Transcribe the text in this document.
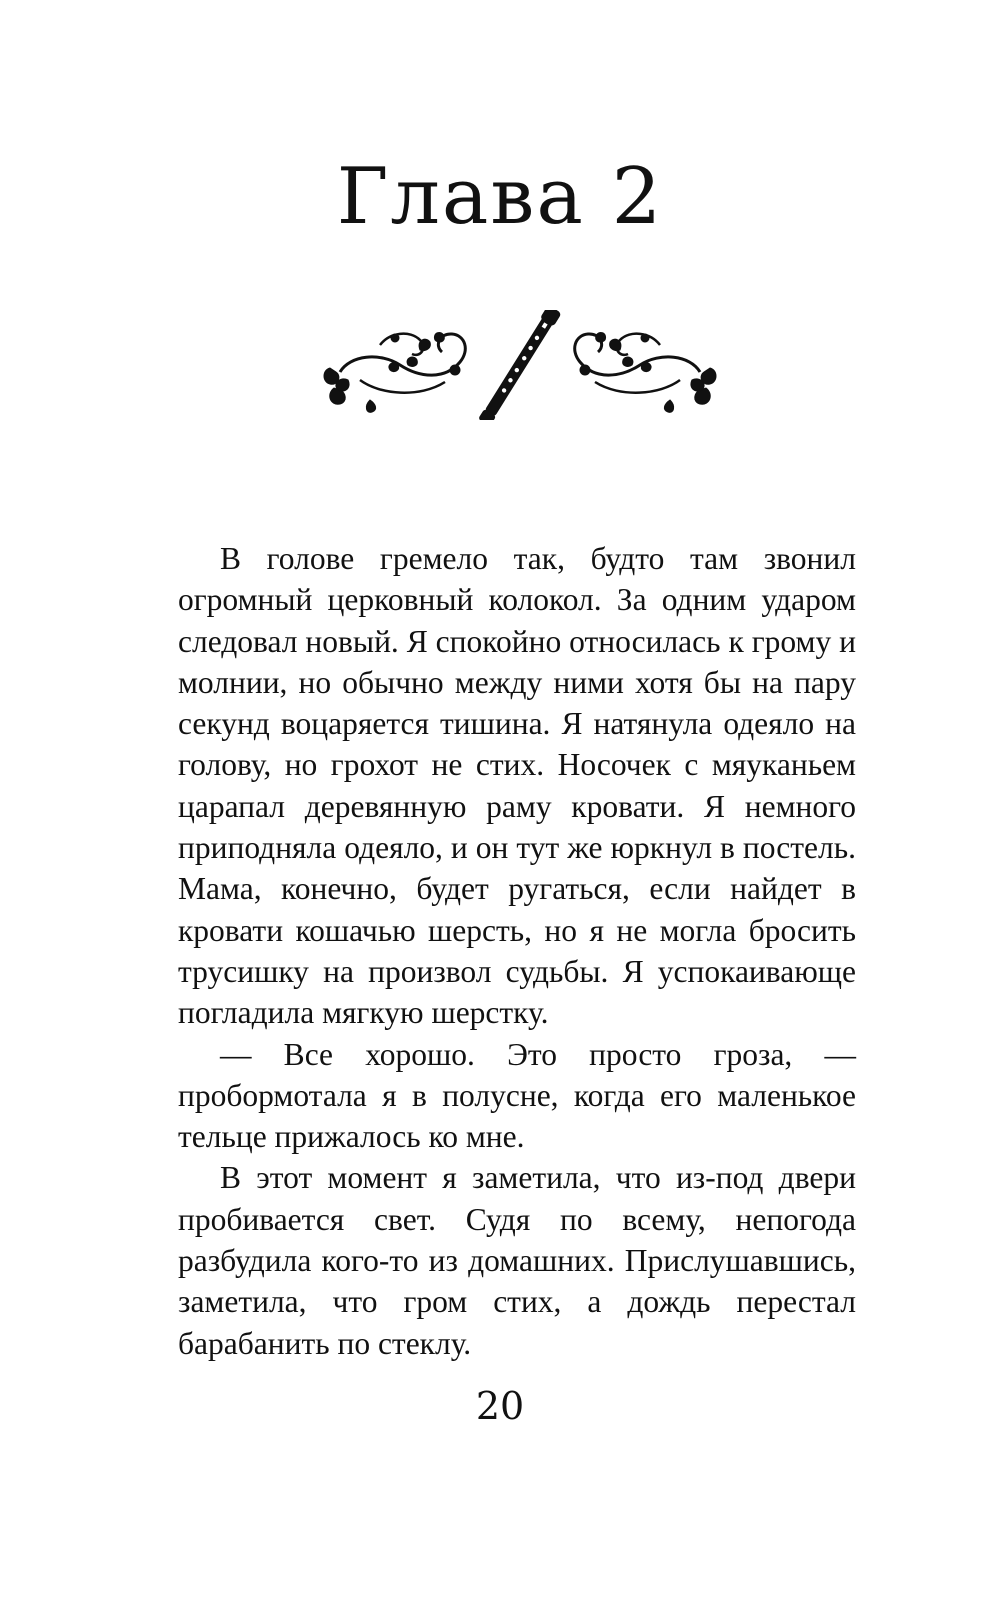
Глава 2

В голове гремело так, будто там звонил огромный церковный колокол. За одним ударом следовал новый. Я спокойно относилась к грому и молнии, но обычно между ними хотя бы на пару секунд воцаряется тишина. Я натянула одеяло на голову, но грохот не стих. Носочек с мяуканьем царапал деревянную раму кровати. Я немного приподняла одеяло, и он тут же юркнул в постель. Мама, конечно, будет ругаться, если найдет в кровати кошачью шерсть, но я не могла бросить трусишку на произвол судьбы. Я успокаивающе погладила мягкую шерстку.

— Все хорошо. Это просто гроза, — пробормотала я в полусне, когда его маленькое тельце прижалось ко мне.

В этот момент я заметила, что из-под двери пробивается свет. Судя по всему, непогода разбудила кого-то из домашних. Прислушавшись, заметила, что гром стих, а дождь перестал барабанить по стеклу.

20
